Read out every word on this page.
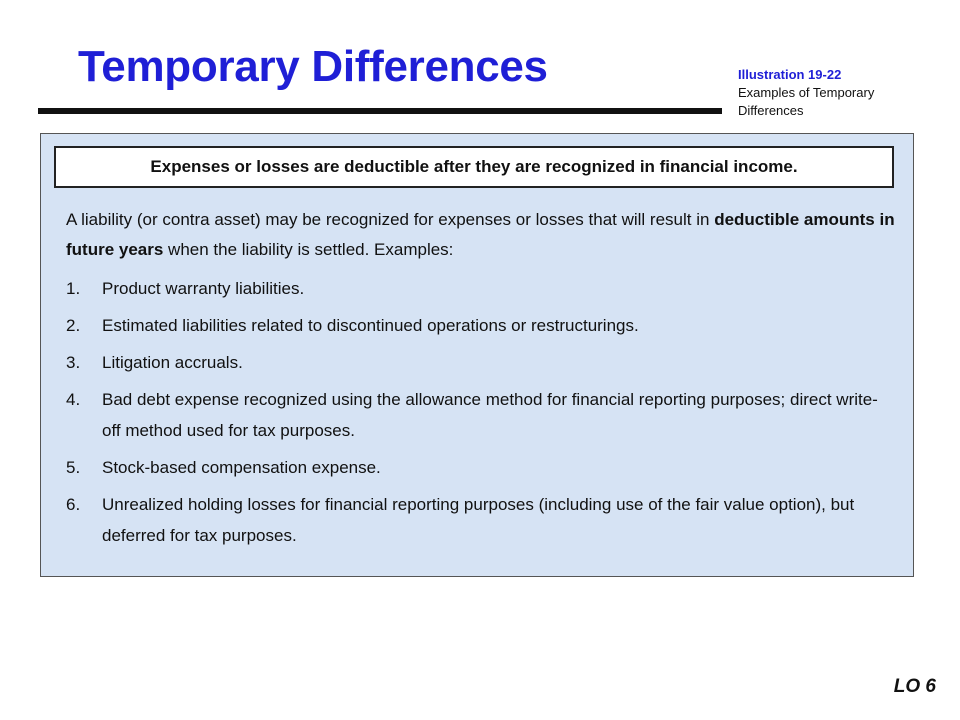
Temporary Differences	Illustration 19-22
Examples of Temporary Differences
Expenses or losses are deductible after they are recognized in financial income.
A liability (or contra asset) may be recognized for expenses or losses that will result in deductible amounts in future years when the liability is settled. Examples:
1. Product warranty liabilities.
2. Estimated liabilities related to discontinued operations or restructurings.
3. Litigation accruals.
4. Bad debt expense recognized using the allowance method for financial reporting purposes; direct write-off method used for tax purposes.
5. Stock-based compensation expense.
6. Unrealized holding losses for financial reporting purposes (including use of the fair value option), but deferred for tax purposes.
LO 6
